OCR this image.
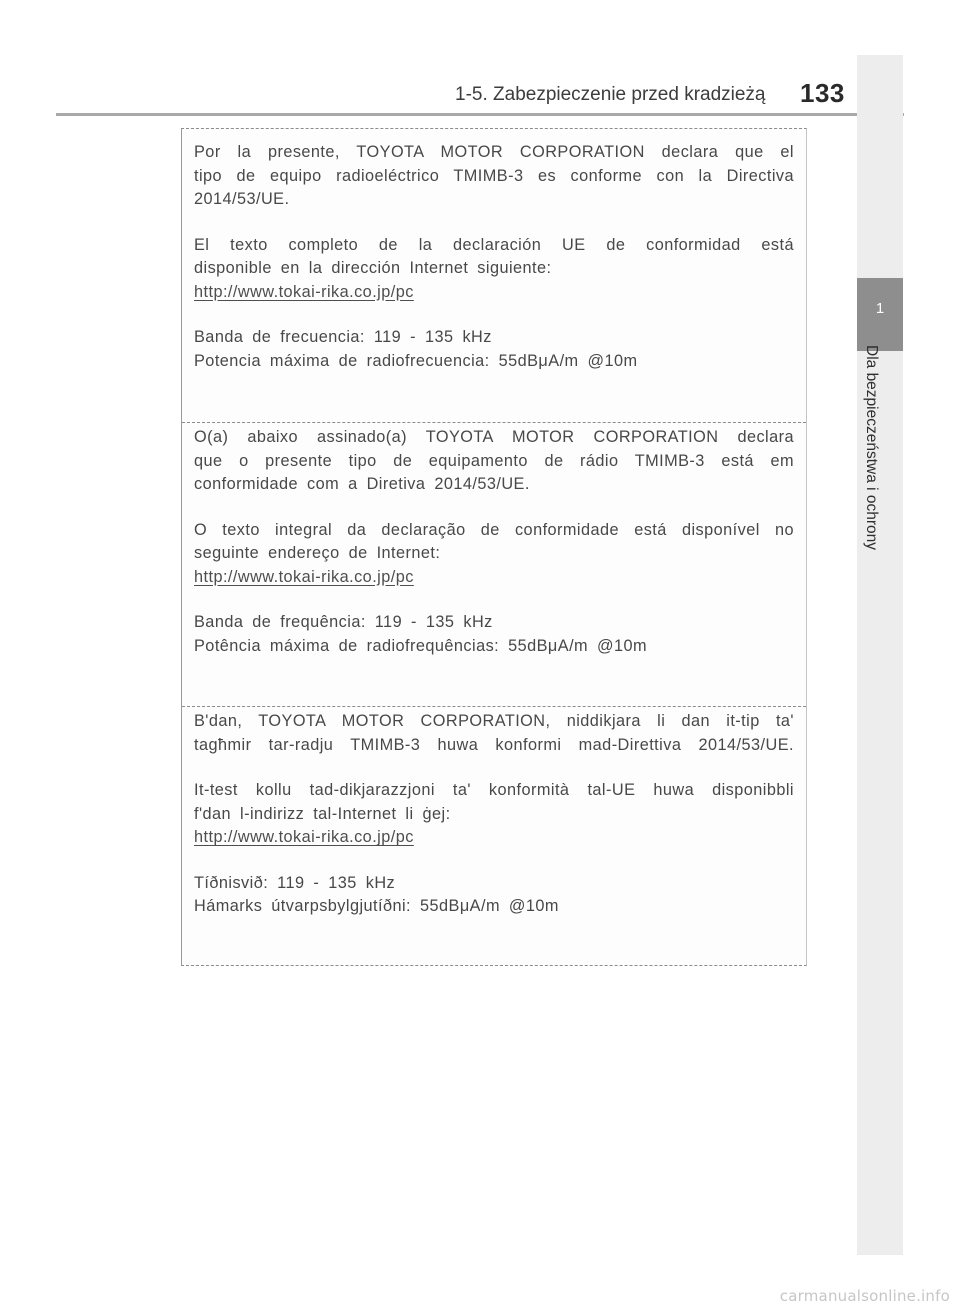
1-5. Zabezpieczenie przed kradzieżą 133
1
Dla bezpieczeństwa i ochrony
Por la presente, TOYOTA MOTOR CORPORATION declara que el
tipo de equipo radioeléctrico TMIMB-3 es conforme con la Directiva
2014/53/UE.
El texto completo de la declaración UE de conformidad está
disponible en la dirección Internet siguiente:
http://www.tokai-rika.co.jp/pc
Banda de frecuencia: 119 - 135 kHz
Potencia máxima de radiofrecuencia: 55dBμA/m @10m
O(a) abaixo assinado(a) TOYOTA MOTOR CORPORATION declara
que o presente tipo de equipamento de rádio TMIMB-3 está em
conformidade com a Diretiva 2014/53/UE.
O texto integral da declaração de conformidade está disponível no
seguinte endereço de Internet:
http://www.tokai-rika.co.jp/pc
Banda de frequência: 119 - 135 kHz
Potência máxima de radiofrequências: 55dBμA/m @10m
B'dan, TOYOTA MOTOR CORPORATION, niddikjara li dan it-tip ta'
tagħmir tar-radju TMIMB-3 huwa konformi mad-Direttiva 2014/53/UE.
It-test kollu tad-dikjarazzjoni ta' konformità tal-UE huwa disponibbli
f'dan l-indirizz tal-Internet li ġej:
http://www.tokai-rika.co.jp/pc
Tíðnisvið: 119 - 135 kHz
Hámarks útvarpsbylgjutíðni: 55dBμA/m @10m
carmanualsonline.info
